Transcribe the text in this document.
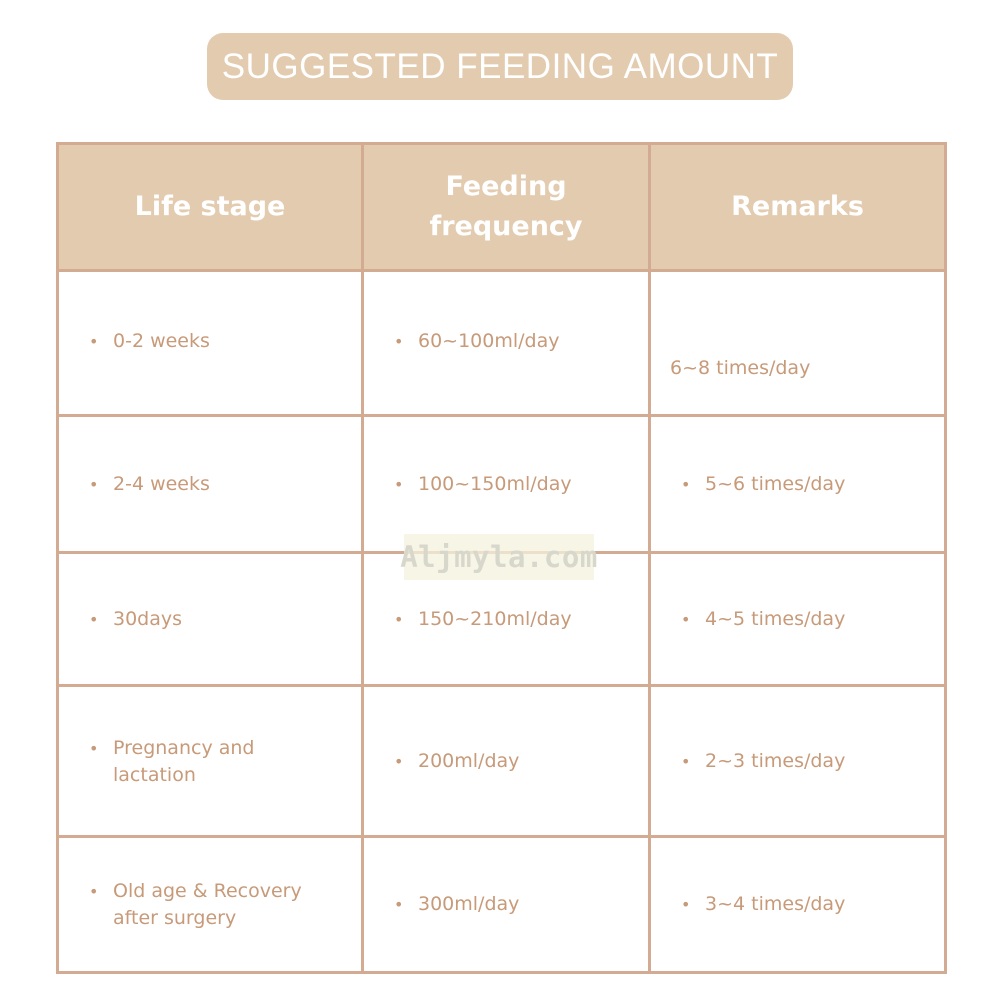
SUGGESTED FEEDING AMOUNT
Life stage	Feeding frequency	Remarks

• 0-2 weeks	• 60~100ml/day	6~8 times/day

• 2-4 weeks	• 100~150ml/day	• 5~6 times/day

• 30days	• 150~210ml/day	• 4~5 times/day

• Pregnancy and lactation	• 200ml/day	• 2~3 times/day

• Old age & Recovery after surgery	• 300ml/day	• 3~4 times/day
Aljmyla.com
